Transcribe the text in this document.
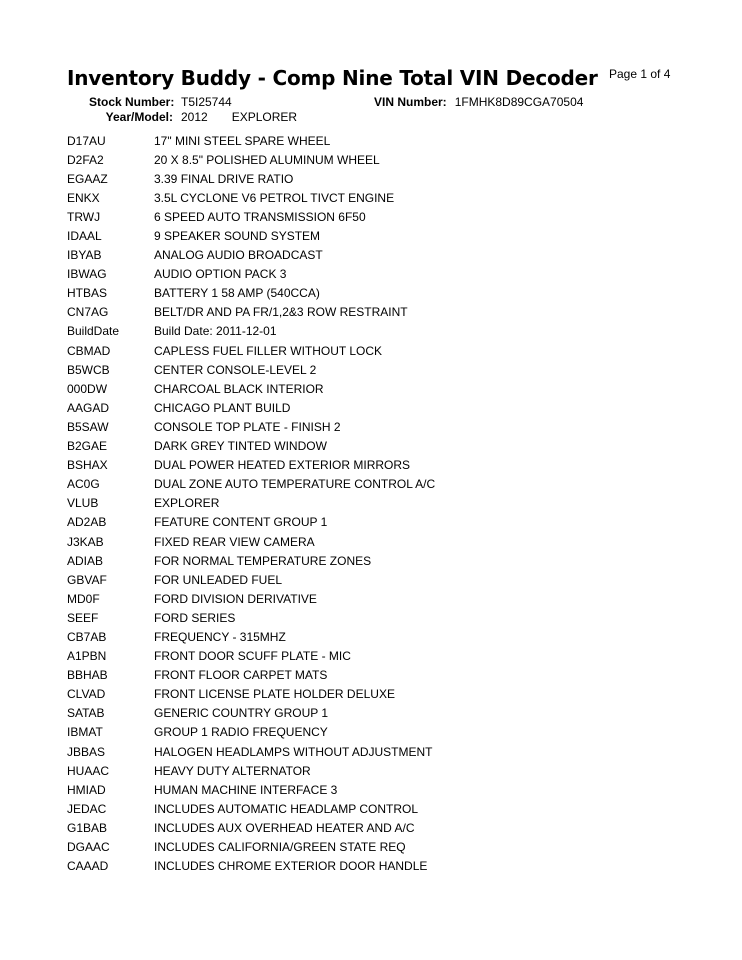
Inventory Buddy - Comp Nine Total VIN Decoder Page 1 of 4
Stock Number: T5I25744	VIN Number: 1FMHK8D89CGA70504
Year/Model: 2012 EXPLORER
D17AU	17" MINI STEEL SPARE WHEEL
D2FA2	20 X 8.5" POLISHED ALUMINUM WHEEL
EGAAZ	3.39 FINAL DRIVE RATIO
ENKX	3.5L CYCLONE V6 PETROL TIVCT ENGINE
TRWJ	6 SPEED AUTO TRANSMISSION 6F50
IDAAL	9 SPEAKER SOUND SYSTEM
IBYAB	ANALOG AUDIO BROADCAST
IBWAG	AUDIO OPTION PACK 3
HTBAS	BATTERY 1 58 AMP (540CCA)
CN7AG	BELT/DR AND PA FR/1,2&3 ROW RESTRAINT
BuildDate	Build Date: 2011-12-01
CBMAD	CAPLESS FUEL FILLER WITHOUT LOCK
B5WCB	CENTER CONSOLE-LEVEL 2
000DW	CHARCOAL BLACK INTERIOR
AAGAD	CHICAGO PLANT BUILD
B5SAW	CONSOLE TOP PLATE - FINISH 2
B2GAE	DARK GREY TINTED WINDOW
BSHAX	DUAL POWER HEATED EXTERIOR MIRRORS
AC0G	DUAL ZONE AUTO TEMPERATURE CONTROL A/C
VLUB	EXPLORER
AD2AB	FEATURE CONTENT GROUP 1
J3KAB	FIXED REAR VIEW CAMERA
ADIAB	FOR NORMAL TEMPERATURE ZONES
GBVAF	FOR UNLEADED FUEL
MD0F	FORD DIVISION DERIVATIVE
SEEF	FORD SERIES
CB7AB	FREQUENCY - 315MHZ
A1PBN	FRONT DOOR SCUFF PLATE - MIC
BBHAB	FRONT FLOOR CARPET MATS
CLVAD	FRONT LICENSE PLATE HOLDER DELUXE
SATAB	GENERIC COUNTRY GROUP 1
IBMAT	GROUP 1 RADIO FREQUENCY
JBBAS	HALOGEN HEADLAMPS WITHOUT ADJUSTMENT
HUAAC	HEAVY DUTY ALTERNATOR
HMIAD	HUMAN MACHINE INTERFACE 3
JEDAC	INCLUDES AUTOMATIC HEADLAMP CONTROL
G1BAB	INCLUDES AUX OVERHEAD HEATER AND A/C
DGAAC	INCLUDES CALIFORNIA/GREEN STATE REQ
CAAAD	INCLUDES CHROME EXTERIOR DOOR HANDLE
